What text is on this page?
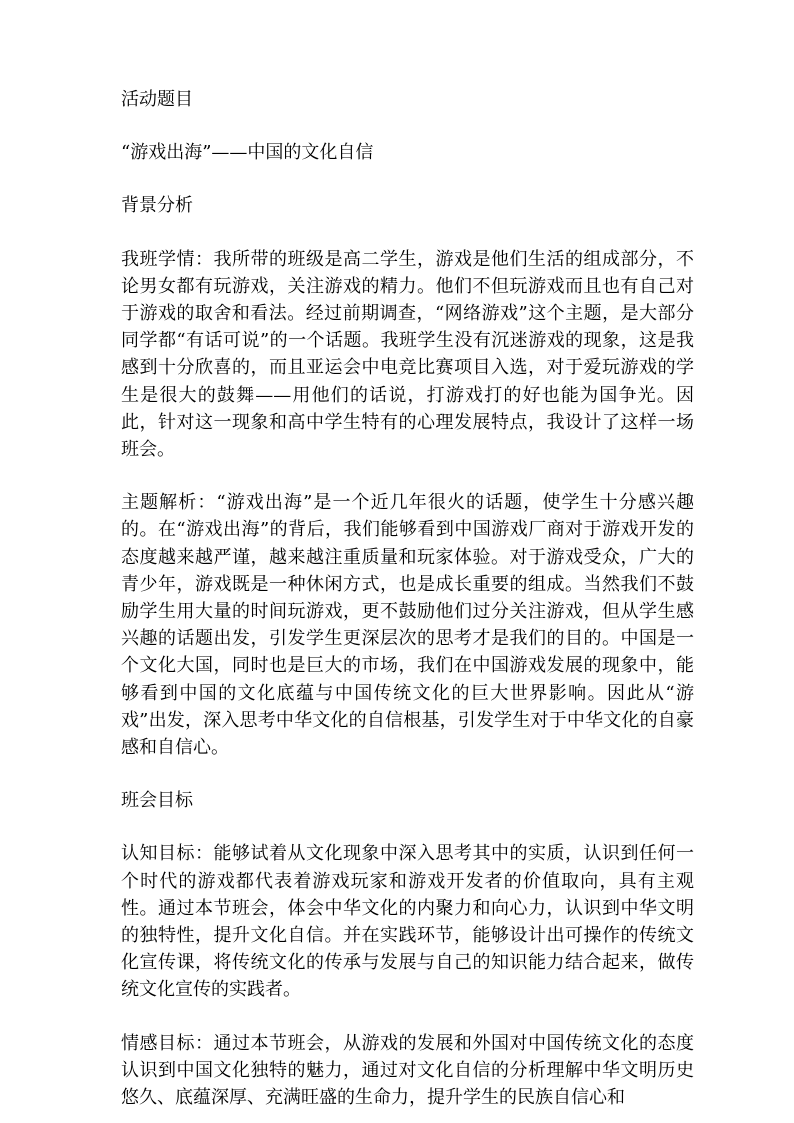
活动题目

“游戏出海”——中国的文化自信

背景分析

我班学情：我所带的班级是高二学生，游戏是他们生活的组成部分，不论男女都有玩游戏，关注游戏的精力。他们不但玩游戏而且也有自己对于游戏的取舍和看法。经过前期调查，“网络游戏”这个主题，是大部分同学都“有话可说”的一个话题。我班学生没有沉迷游戏的现象，这是我感到十分欣喜的，而且亚运会中电竞比赛项目入选，对于爱玩游戏的学生是很大的鼓舞——用他们的话说，打游戏打的好也能为国争光。因此，针对这一现象和高中学生特有的心理发展特点，我设计了这样一场班会。

主题解析：“游戏出海”是一个近几年很火的话题，使学生十分感兴趣的。在“游戏出海”的背后，我们能够看到中国游戏厂商对于游戏开发的态度越来越严谨，越来越注重质量和玩家体验。对于游戏受众，广大的青少年，游戏既是一种休闲方式，也是成长重要的组成。当然我们不鼓励学生用大量的时间玩游戏，更不鼓励他们过分关注游戏，但从学生感兴趣的话题出发，引发学生更深层次的思考才是我们的目的。中国是一个文化大国，同时也是巨大的市场，我们在中国游戏发展的现象中，能够看到中国的文化底蕴与中国传统文化的巨大世界影响。因此从“游戏”出发，深入思考中华文化的自信根基，引发学生对于中华文化的自豪感和自信心。

班会目标

认知目标：能够试着从文化现象中深入思考其中的实质，认识到任何一个时代的游戏都代表着游戏玩家和游戏开发者的价值取向，具有主观性。通过本节班会，体会中华文化的内聚力和向心力，认识到中华文明的独特性，提升文化自信。并在实践环节，能够设计出可操作的传统文化宣传课，将传统文化的传承与发展与自己的知识能力结合起来，做传统文化宣传的实践者。

情感目标：通过本节班会，从游戏的发展和外国对中国传统文化的态度认识到中国文化独特的魅力，通过对文化自信的分析理解中华文明历史悠久、底蕴深厚、充满旺盛的生命力，提升学生的民族自信心和
